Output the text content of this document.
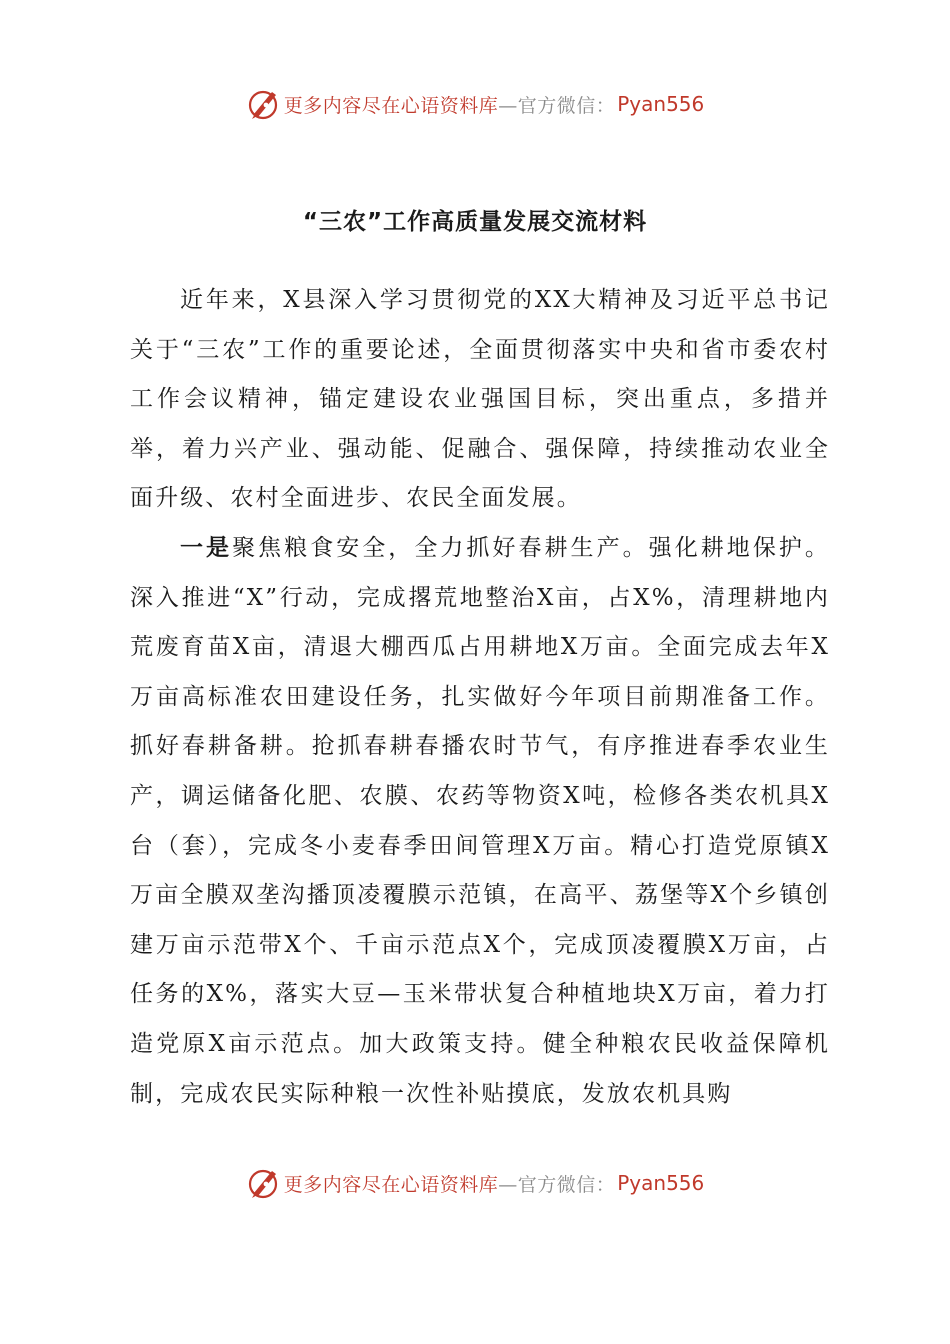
更多内容尽在心语资料库 —官方微信： Pyan556
“三农”工作高质量发展交流材料

近年来，X县深入学习贯彻党的XX大精神及习近平总书记关于“三农”工作的重要论述，全面贯彻落实中央和省市委农村工作会议精神，锚定建设农业强国目标，突出重点，多措并举，着力兴产业、强动能、促融合、强保障，持续推动农业全面升级、农村全面进步、农民全面发展。

一是聚焦粮食安全，全力抓好春耕生产。强化耕地保护。深入推进“X”行动，完成撂荒地整治X亩，占X%，清理耕地内荒废育苗X亩，清退大棚西瓜占用耕地X万亩。全面完成去年X万亩高标准农田建设任务，扎实做好今年项目前期准备工作。抓好春耕备耕。抢抓春耕春播农时节气，有序推进春季农业生产，调运储备化肥、农膜、农药等物资X吨，检修各类农机具X台（套），完成冬小麦春季田间管理X万亩。精心打造党原镇X万亩全膜双垄沟播顶凌覆膜示范镇，在高平、荔堡等X个乡镇创建万亩示范带X个、千亩示范点X个，完成顶凌覆膜X万亩，占任务的X%，落实大豆—玉米带状复合种植地块X万亩，着力打造党原X亩示范点。加大政策支持。健全种粮农民收益保障机制，完成农民实际种粮一次性补贴摸底，发放农机具购

更多内容尽在心语资料库 —官方微信： Pyan556
